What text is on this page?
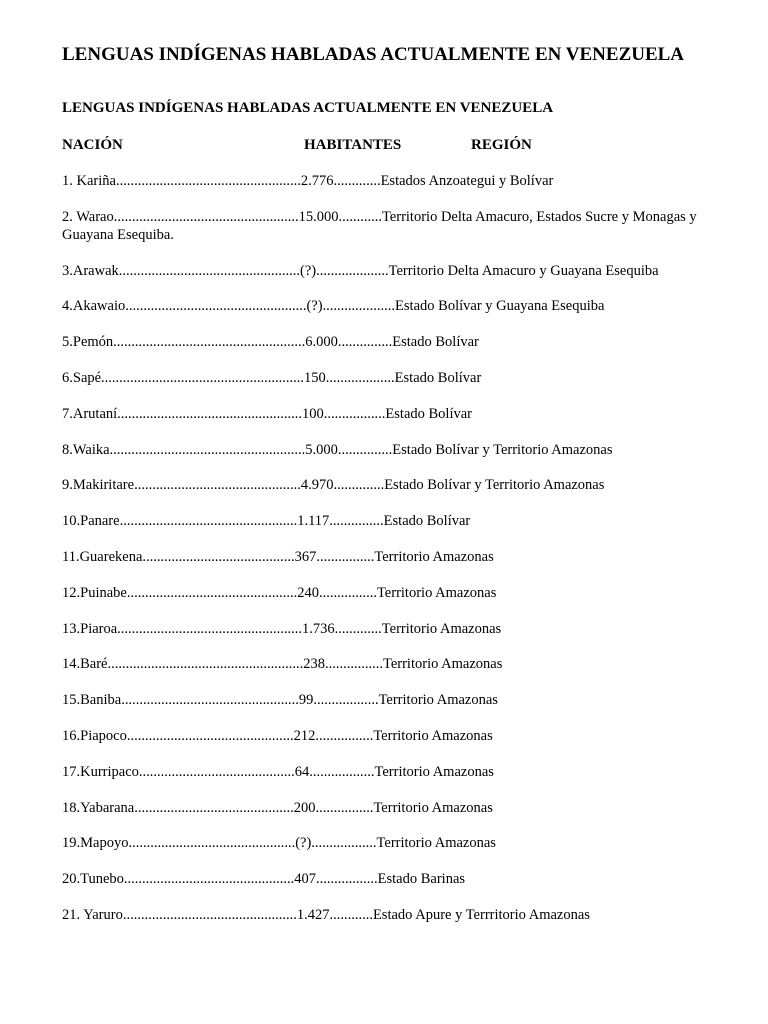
LENGUAS INDÍGENAS HABLADAS ACTUALMENTE EN VENEZUELA
LENGUAS INDÍGENAS HABLADAS ACTUALMENTE EN VENEZUELA
NACIÓN	HABITANTES	REGIÓN
1. Kariña...................................................2.776.............Estados Anzoategui y Bolívar
2. Warao...................................................15.000............Territorio Delta Amacuro, Estados Sucre y Monagas y Guayana Esequiba.
3.Arawak..................................................(?)....................Territorio Delta Amacuro y Guayana Esequiba
4.Akawaio..................................................(?)....................Estado Bolívar y Guayana Esequiba
5.Pemón.....................................................6.000...............Estado Bolívar
6.Sapé........................................................150...................Estado Bolívar
7.Arutaní...................................................100.................Estado Bolívar
8.Waika......................................................5.000...............Estado Bolívar y Territorio Amazonas
9.Makiritare..............................................4.970..............Estado Bolívar y Territorio Amazonas
10.Panare.................................................1.117...............Estado Bolívar
11.Guarekena..........................................367................Territorio Amazonas
12.Puinabe...............................................240................Territorio Amazonas
13.Piaroa...................................................1.736.............Territorio Amazonas
14.Baré......................................................238................Territorio Amazonas
15.Baniba.................................................99..................Territorio Amazonas
16.Piapoco..............................................212................Territorio Amazonas
17.Kurripaco...........................................64..................Territorio Amazonas
18.Yabarana............................................200................Territorio Amazonas
19.Mapoyo..............................................(?)..................Territorio Amazonas
20.Tunebo...............................................407.................Estado Barinas
21. Yaruro................................................1.427............Estado Apure y Terrritorio Amazonas
